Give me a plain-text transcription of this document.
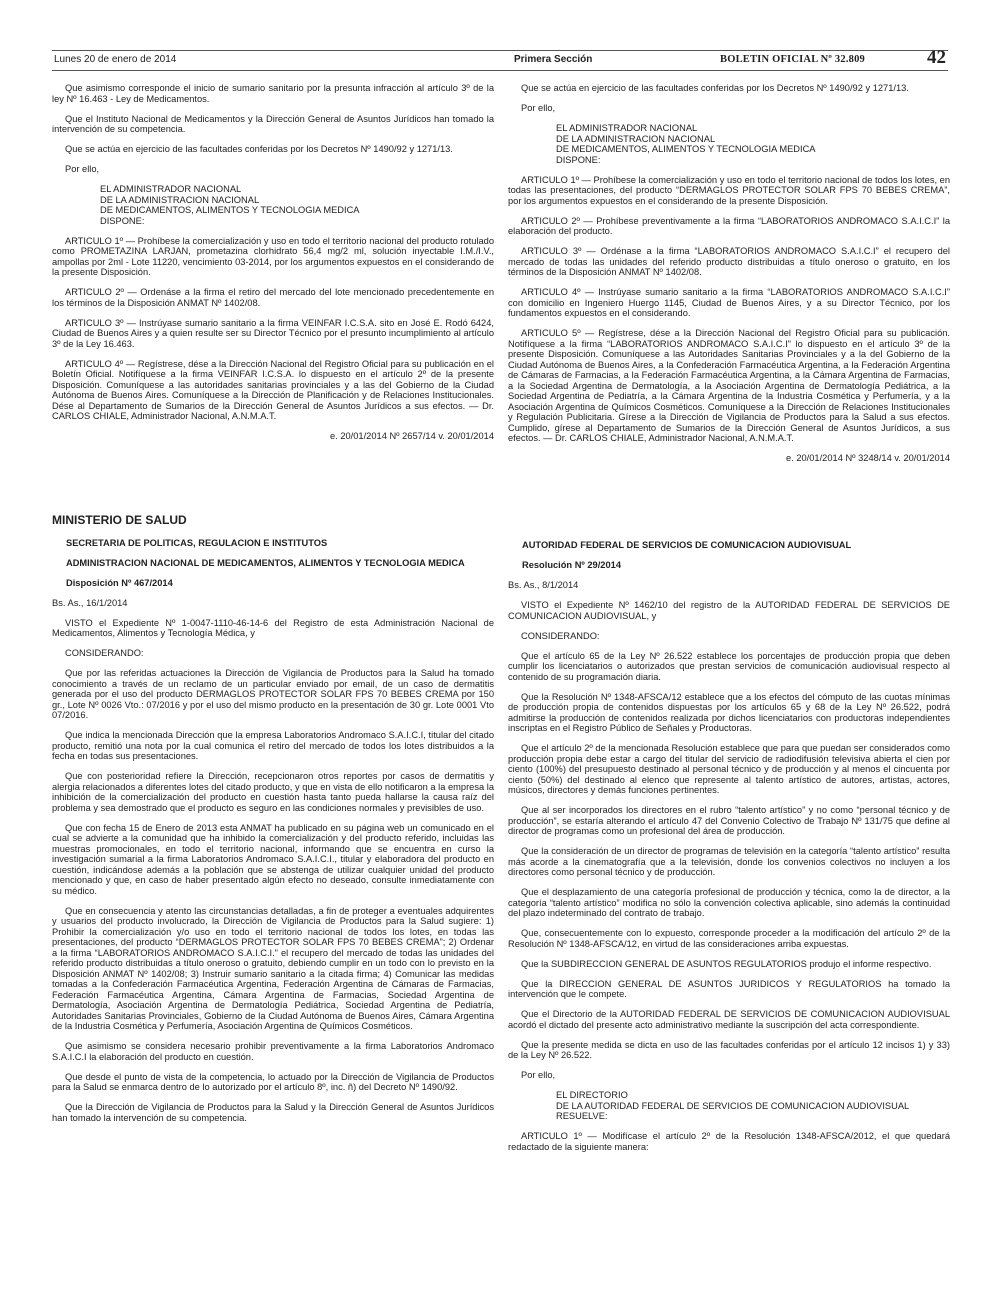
Lunes 20 de enero de 2014	Primera Sección	BOLETIN OFICIAL Nº 32.809	42

Que asimismo corresponde el inicio de sumario sanitario por la presunta infracción al artículo 3º de la ley Nº 16.463 - Ley de Medicamentos.

Que el Instituto Nacional de Medicamentos y la Dirección General de Asuntos Jurídicos han tomado la intervención de su competencia.

Que se actúa en ejercicio de las facultades conferidas por los Decretos Nº 1490/92 y 1271/13.

Por ello,

EL ADMINISTRADOR NACIONAL

DE LA ADMINISTRACION NACIONAL

DE MEDICAMENTOS, ALIMENTOS Y TECNOLOGIA MEDICA

DISPONE:

ARTICULO 1º — Prohíbese la comercialización y uso en todo el territorio nacional del producto rotulado como PROMETAZINA LARJAN, prometazina clorhidrato 56,4 mg/2 ml, solución inyectable I.M./I.V., ampollas por 2ml - Lote 11220, vencimiento 03-2014, por los argumentos expuestos en el considerando de la presente Disposición.

ARTICULO 2º — Ordenáse a la firma el retiro del mercado del lote mencionado precedentemente en los términos de la Disposición ANMAT Nº 1402/08.

ARTICULO 3º — Instrúyase sumario sanitario a la firma VEINFAR I.C.S.A. sito en José E. Rodó 6424, Ciudad de Buenos Aires y a quien resulte ser su Director Técnico por el presunto incumplimiento al artículo 3º de la Ley 16.463.

ARTICULO 4º — Regístrese, dése a la Dirección Nacional del Registro Oficial para su publicación en el Boletín Oficial. Notifíquese a la firma VEINFAR I.C.S.A. lo dispuesto en el artículo 2º de la presente Disposición. Comuníquese a las autoridades sanitarias provinciales y a las del Gobierno de la Ciudad Autónoma de Buenos Aires. Comuníquese a la Dirección de Planificación y de Relaciones Institucionales. Dése al Departamento de Sumarios de la Dirección General de Asuntos Jurídicos a sus efectos. — Dr. CARLOS CHIALE, Administrador Nacional, A.N.M.A.T.

e. 20/01/2014 Nº 2657/14 v. 20/01/2014

Que se actúa en ejercicio de las facultades conferidas por los Decretos Nº 1490/92 y 1271/13.

Por ello,

EL ADMINISTRADOR NACIONAL

DE LA ADMINISTRACION NACIONAL

DE MEDICAMENTOS, ALIMENTOS Y TECNOLOGIA MEDICA

DISPONE:

ARTICULO 1º — Prohíbese la comercialización y uso en todo el territorio nacional de todos los lotes, en todas las presentaciones, del producto “DERMAGLOS PROTECTOR SOLAR FPS 70 BEBES CREMA”, por los argumentos expuestos en el considerando de la presente Disposición.

ARTICULO 2º — Prohíbese preventivamente a la firma “LABORATORIOS ANDROMACO S.A.I.C.I” la elaboración del producto.

ARTICULO 3º — Ordénase a la firma “LABORATORIOS ANDROMACO S.A.I.C.I” el recupero del mercado de todas las unidades del referido producto distribuidas a título oneroso o gratuito, en los términos de la Disposición ANMAT Nº 1402/08.

ARTICULO 4º — Instrúyase sumario sanitario a la firma “LABORATORIOS ANDROMACO S.A.I.C.I” con domicilio en Ingeniero Huergo 1145, Ciudad de Buenos Aires, y a su Director Técnico, por los fundamentos expuestos en el considerando.

ARTICULO 5º — Regístrese, dése a la Dirección Nacional del Registro Oficial para su publicación. Notifíquese a la firma “LABORATORIOS ANDROMACO S.A.I.C.I” lo dispuesto en el artículo 3º de la presente Disposición. Comuníquese a las Autoridades Sanitarias Provinciales y a la del Gobierno de la Ciudad Autónoma de Buenos Aires, a la Confederación Farmacéutica Argentina, a la Federación Argentina de Cámaras de Farmacias, a la Federación Farmacéutica Argentina, a la Cámara Argentina de Farmacias, a la Sociedad Argentina de Dermatología, a la Asociación Argentina de Dermatología Pediátrica, a la Sociedad Argentina de Pediatría, a la Cámara Argentina de la Industria Cosmética y Perfumería, y a la Asociación Argentina de Químicos Cosméticos. Comuníquese a la Dirección de Relaciones Institucionales y Regulación Publicitaria. Gírese a la Dirección de Vigilancia de Productos para la Salud a sus efectos. Cumplido, gírese al Departamento de Sumarios de la Dirección General de Asuntos Jurídicos, a sus efectos. — Dr. CARLOS CHIALE, Administrador Nacional, A.N.M.A.T.

e. 20/01/2014 Nº 3248/14 v. 20/01/2014

MINISTERIO DE SALUD

SECRETARIA DE POLITICAS, REGULACION E INSTITUTOS

ADMINISTRACION NACIONAL DE MEDICAMENTOS, ALIMENTOS Y TECNOLOGIA MEDICA

Disposición Nº 467/2014

Bs. As., 16/1/2014

VISTO el Expediente Nº 1-0047-1110-46-14-6 del Registro de esta Administración Nacional de Medicamentos, Alimentos y Tecnología Médica, y

CONSIDERANDO:

Que por las referidas actuaciones la Dirección de Vigilancia de Productos para la Salud ha tomado conocimiento a través de un reclamo de un particular enviado por email, de un caso de dermatitis generada por el uso del producto DERMAGLOS PROTECTOR SOLAR FPS 70 BEBES CREMA por 150 gr., Lote Nº 0026 Vto.: 07/2016 y por el uso del mismo producto en la presentación de 30 gr. Lote 0001 Vto 07/2016.

Que indica la mencionada Dirección que la empresa Laboratorios Andromaco S.A.I.C.I, titular del citado producto, remitió una nota por la cual comunica el retiro del mercado de todos los lotes distribuidos a la fecha en todas sus presentaciones.

Que con posterioridad refiere la Dirección, recepcionaron otros reportes por casos de dermatitis y alergia relacionados a diferentes lotes del citado producto, y que en vista de ello notificaron a la empresa la inhibición de la comercialización del producto en cuestión hasta tanto pueda hallarse la causa raíz del problema y sea demostrado que el producto es seguro en las condiciones normales y previsibles de uso.

Que con fecha 15 de Enero de 2013 esta ANMAT ha publicado en su página web un comunicado en el cual se advierte a la comunidad que ha inhibido la comercialización y del producto referido, incluidas las muestras promocionales, en todo el territorio nacional, informando que se encuentra en curso la investigación sumarial a la firma Laboratorios Andromaco S.A.I.C.I., titular y elaboradora del producto en cuestión, indicándose además a la población que se abstenga de utilizar cualquier unidad del producto mencionado y que, en caso de haber presentado algún efecto no deseado, consulte inmediatamente con su médico.

Que en consecuencia y atento las circunstancias detalladas, a fin de proteger a eventuales adquirentes y usuarios del producto involucrado, la Dirección de Vigilancia de Productos para la Salud sugiere: 1) Prohibir la comercialización y/o uso en todo el territorio nacional de todos los lotes, en todas las presentaciones, del producto “DERMAGLOS PROTECTOR SOLAR FPS 70 BEBES CREMA”; 2) Ordenar a la firma “LABORATORIOS ANDROMACO S.A.I.C.I.” el recupero del mercado de todas las unidades del referido producto distribuidas a título oneroso o gratuito, debiendo cumplir en un todo con lo previsto en la Disposición ANMAT Nº 1402/08; 3) Instruir sumario sanitario a la citada firma; 4) Comunicar las medidas tomadas a la Confederación Farmacéutica Argentina, Federación Argentina de Cámaras de Farmacias, Federación Farmacéutica Argentina, Cámara Argentina de Farmacias, Sociedad Argentina de Dermatología, Asociación Argentina de Dermatología Pediátrica, Sociedad Argentina de Pediatría, Autoridades Sanitarias Provinciales, Gobierno de la Ciudad Autónoma de Buenos Aires, Cámara Argentina de la Industria Cosmética y Perfumería, Asociación Argentina de Químicos Cosméticos.

Que asimismo se considera necesario prohibir preventivamente a la firma Laboratorios Andromaco S.A.I.C.I la elaboración del producto en cuestión.

Que desde el punto de vista de la competencia, lo actuado por la Dirección de Vigilancia de Productos para la Salud se enmarca dentro de lo autorizado por el artículo 8º, inc. ñ) del Decreto Nº 1490/92.

Que la Dirección de Vigilancia de Productos para la Salud y la Dirección General de Asuntos Jurídicos han tomado la intervención de su competencia.

AUTORIDAD FEDERAL DE SERVICIOS DE COMUNICACION AUDIOVISUAL

Resolución Nº 29/2014

Bs. As., 8/1/2014

VISTO el Expediente Nº 1462/10 del registro de la AUTORIDAD FEDERAL DE SERVICIOS DE COMUNICACION AUDIOVISUAL, y

CONSIDERANDO:

Que el artículo 65 de la Ley Nº 26.522 establece los porcentajes de producción propia que deben cumplir los licenciatarios o autorizados que prestan servicios de comunicación audiovisual respecto al contenido de su programación diaria.

Que la Resolución Nº 1348-AFSCA/12 establece que a los efectos del cómputo de las cuotas mínimas de producción propia de contenidos dispuestas por los artículos 65 y 68 de la Ley Nº 26.522, podrá admitirse la producción de contenidos realizada por dichos licenciatarios con productoras independientes inscriptas en el Registro Público de Señales y Productoras.

Que el artículo 2º de la mencionada Resolución establece que para que puedan ser considerados como producción propia debe estar a cargo del titular del servicio de radiodifusión televisiva abierta el cien por ciento (100%) del presupuesto destinado al personal técnico y de producción y al menos el cincuenta por ciento (50%) del destinado al elenco que represente al talento artístico de autores, artistas, actores, músicos, directores y demás funciones pertinentes.

Que al ser incorporados los directores en el rubro “talento artístico” y no como “personal técnico y de producción”, se estaría alterando el artículo 47 del Convenio Colectivo de Trabajo Nº 131/75 que define al director de programas como un profesional del área de producción.

Que la consideración de un director de programas de televisión en la categoría “talento artístico” resulta más acorde a la cinematografía que a la televisión, donde los convenios colectivos no incluyen a los directores como personal técnico y de producción.

Que el desplazamiento de una categoría profesional de producción y técnica, como la de director, a la categoría “talento artístico” modifica no sólo la convención colectiva aplicable, sino además la continuidad del plazo indeterminado del contrato de trabajo.

Que, consecuentemente con lo expuesto, corresponde proceder a la modificación del artículo 2º de la Resolución Nº 1348-AFSCA/12, en virtud de las consideraciones arriba expuestas.

Que la SUBDIRECCION GENERAL DE ASUNTOS REGULATORIOS produjo el informe respectivo.

Que la DIRECCION GENERAL DE ASUNTOS JURIDICOS Y REGULATORIOS ha tomado la intervención que le compete.

Que el Directorio de la AUTORIDAD FEDERAL DE SERVICIOS DE COMUNICACION AUDIOVISUAL acordó el dictado del presente acto administrativo mediante la suscripción del acta correspondiente.

Que la presente medida se dicta en uso de las facultades conferidas por el artículo 12 incisos 1) y 33) de la Ley Nº 26.522.

Por ello,

EL DIRECTORIO

DE LA AUTORIDAD FEDERAL DE SERVICIOS DE COMUNICACION AUDIOVISUAL

RESUELVE:

ARTICULO 1º — Modifícase el artículo 2º de la Resolución 1348-AFSCA/2012, el que quedará redactado de la siguiente manera:
